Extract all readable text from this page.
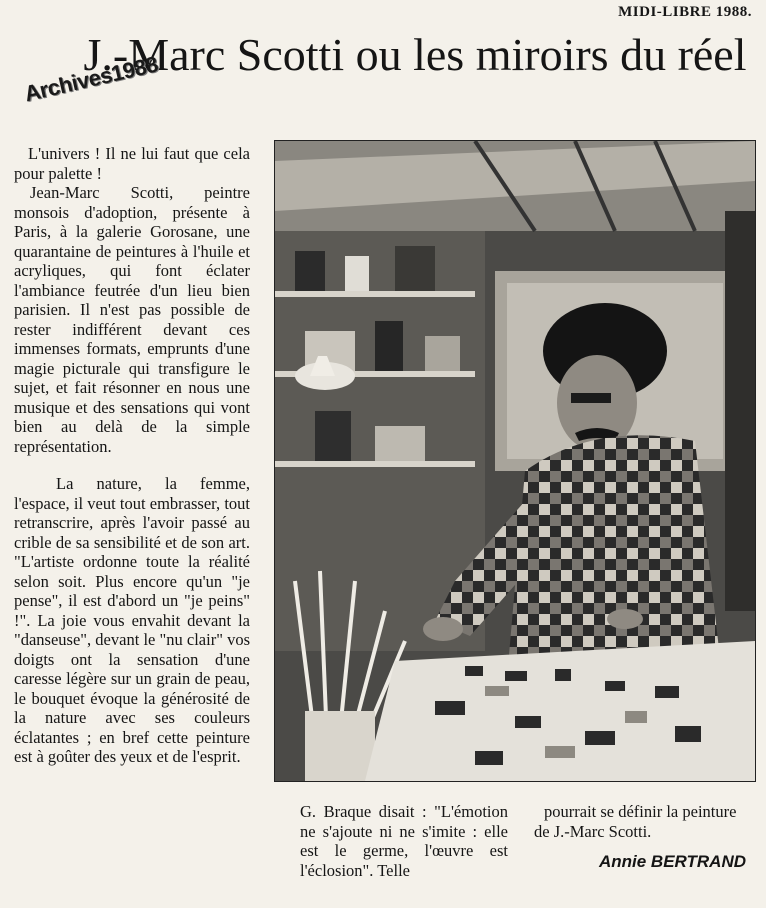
MIDI-LIBRE 1988.
J.-Marc Scotti ou les miroirs du réel
Archives1988

L'univers ! Il ne lui faut que cela pour palette !

Jean-Marc Scotti, peintre monsois d'adoption, présente à Paris, à la galerie Gorosane, une quarantaine de peintures à l'huile et acryliques, qui font éclater l'ambiance feutrée d'un lieu bien parisien. Il n'est pas possible de rester indifférent devant ces immenses formats, emprunts d'une magie picturale qui transfigure le sujet, et fait résonner en nous une musique et des sensations qui vont bien au delà de la simple représentation.

La nature, la femme, l'espace, il veut tout embrasser, tout retranscrire, après l'avoir passé au crible de sa sensibilité et de son art. "L'artiste ordonne toute la réalité selon soit. Plus encore qu'un "je pense", il est d'abord un "je peins" !". La joie vous envahit devant la "danseuse", devant le "nu clair" vos doigts ont la sensation d'une caresse légère sur un grain de peau, le bouquet évoque la générosité de la nature avec ses couleurs éclatantes ; en bref cette peinture est à goûter des yeux et de l'esprit.

G. Braque disait : "L'émotion ne s'ajoute ni ne s'imite : elle est le germe, l'œuvre est l'éclosion". Telle

pourrait se définir la peinture de J.-Marc Scotti.

Annie BERTRAND
